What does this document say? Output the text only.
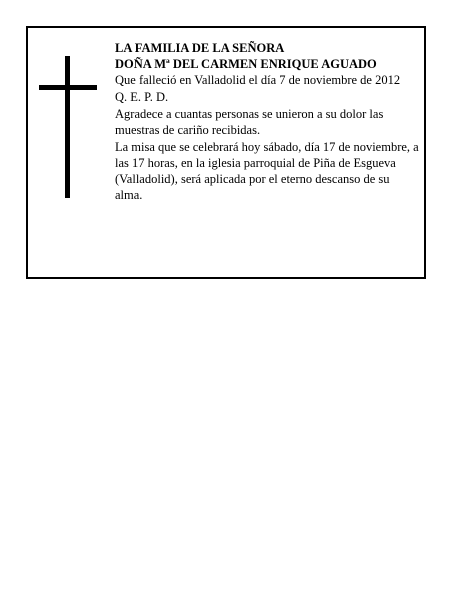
LA FAMILIA DE LA SEÑORA
DOÑA Mª DEL CARMEN ENRIQUE AGUADO

Que falleció en Valladolid el día 7 de noviembre de 2012

Q. E. P. D.

Agradece a cuantas personas se unieron a su dolor las muestras de cariño recibidas.

La misa que se celebrará hoy sábado, día 17 de noviembre, a las 17 horas, en la iglesia parroquial de Piña de Esgueva (Valladolid), será aplicada por el eterno descanso de su alma.
